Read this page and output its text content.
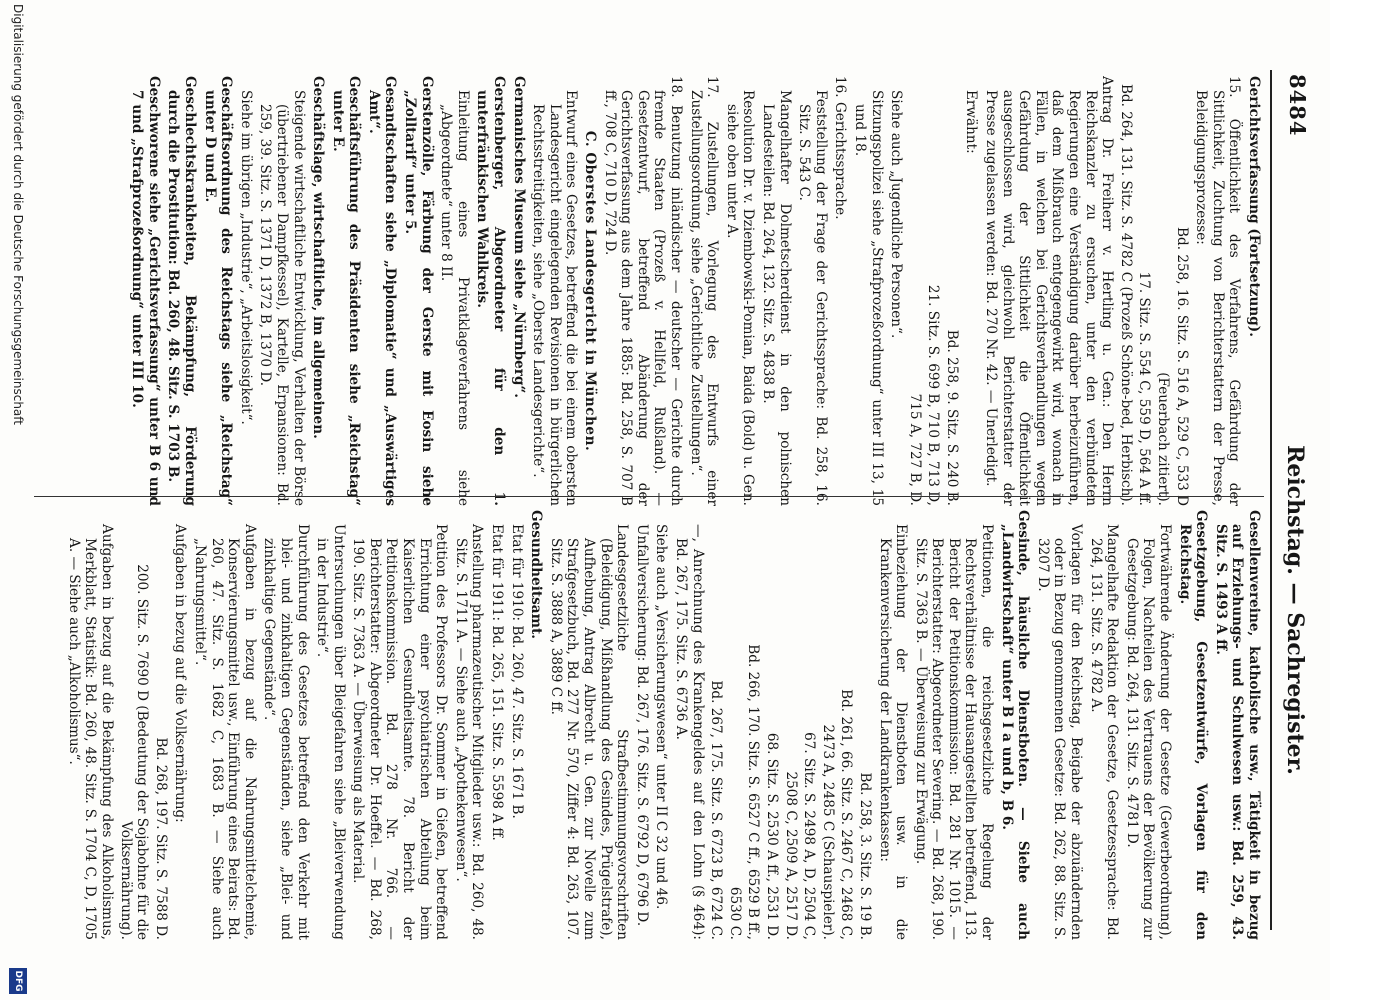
8484
Reichstag. — Sachregister.
Gerichtsverfassung (Fortsetzung).
15. Öffentlichkeit des Verfahrens, Gefährdung der Sittlichkeit, Zuchtung von Berichterstattern der Presse, Beleidigungsprozesse:
Bd. 258, 16. Sitz. S. 516 A, 529 C, 533 D
(Feuerbach zitiert).
17. Sitz. S. 554 C, 559 D, 564 A ff.
Bd. 264, 131. Sitz. S. 4782 C (Prozeß Schöne-bed, Herbisch).
Antrag Dr. Freiherr v. Hertling u. Gen.: Den Herrn Reichskanzler zu ersuchen, unter den verbündeten Regierungen eine Verständigung darüber herbeizuführen, daß dem Mißbrauch entgegengewirkt wird, wonach in Fällen, in welchen bei Gerichtsverhandlungen wegen Gefährdung der Sittlichkeit die Öffentlichkeit ausgeschlossen wird, gleichwohl Berichterstatter der Presse zugelassen werden: Bd. 270 Nr. 42. — Unerledigt.
Erwähnt:
Bd. 258, 9. Sitz. S. 240 B.
21. Sitz. S. 699 B, 710 B, 713 D,
715 A, 727 B, D.
Siehe auch „Jugendliche Personen“.
Sitzungspolizei siehe „Strafprozeßordnung“ unter III 13, 15 und 18.
16. Gerichtssprache.
Feststellung der Frage der Gerichtssprache: Bd. 258, 16. Sitz. S. 543 C.
Mangelhafter Dolmetscherdienst in den polnischen Landesteilen: Bd. 264, 132. Sitz. S. 4838 B.
Resolution Dr. v. Dziembowski-Pomian, Baida (Bold) u. Gen. siehe oben unter A.
17. Zustellungen, Vorlegung des Entwurfs einer Zustellungsordnung, siehe „Gerichtliche Zustellungen“.
18. Benutzung inländischer — deutscher — Gerichte durch fremde Staaten (Prozeß v. Hellfeld, Rußland). — Gesetzentwurf, betreffend Abänderung der Gerichtsverfassung aus dem Jahre 1885: Bd. 258, S. 707 B ff., 708 C, 710 D, 724 D.
C. Oberstes Landesgericht in München.
Entwurf eines Gesetzes, betreffend die bei einem obersten Landesgericht eingelegenden Revisionen in bürgerlichen Rechtsstreitigkeiten, siehe „Oberste Landesgerichte“.
Germanisches Museum siehe „Nürnberg“.
Gerstenberger, Abgeordneter für den 1. unterfränkischen Wahlkreis.
Einleitung eines Privatklageverfahrens siehe „Abgeordnete“ unter 8 II.
Gerstenzölle, Färbung der Gerste mit Eosin siehe „Zolltarif“ unter 5.
Gesandtschaften siehe „Diplomatie“ und „Auswärtiges Amt“.
Geschäftsführung des Präsidenten siehe „Reichstag“ unter E.
Geschäftslage, wirtschaftliche, im allgemeinen.
Steigende wirtschaftliche Entwicklung, Verhalten der Börse (übertriebener Dampfkessel), Kartelle, Erpansionen: Bd. 259, 39. Sitz. S. 1371 D, 1372 B, 1370 D.
Siehe im übrigen „Industrie“, „Arbeitslosigkeit“.
Geschäftsordnung des Reichstags siehe „Reichstag“ unter D und E.
Geschlechtskrankheiten, Bekämpfung, Förderung durch die Prostitution: Bd. 260, 48. Sitz. S. 1703 B.
Geschworene siehe „Gerichtsverfassung“ unter B 6 und 7 und „Strafprozeßordnung“ unter III 10.
Gesellenvereine, katholische usw., Tätigkeit in bezug auf Erziehungs- und Schulwesen usw.: Bd. 259, 43. Sitz. S. 1493 A ff.
Gesetzgebung, Gesetzentwürfe, Vorlagen für den Reichstag.
Fortwährende Änderung der Gesetze (Gewerbeordnung), Folgen, Nachteilen des Vertrauens der Bevölkerung zur Gesetzgebung: Bd. 264, 131. Sitz. S. 4781 D.
Mangelhafte Redaktion der Gesetze, Gesetzessprache: Bd. 264, 131. Sitz. S. 4782 A.
Vorlagen für den Reichstag, Beigabe der abzuändernden oder in Bezug genommenen Gesetze: Bd. 262, 88. Sitz. S. 3207 D.
Gesinde, häusliche Dienstboten. — Siehe auch „Landwirtschaft“ unter B I a und b, B 6.
Petitionen, die reichsgesetzliche Regelung der Rechtsverhältnisse der Hausangestellten betreffend, 113. Bericht der Petitionskommission: Bd. 281 Nr. 1015. — Berichterstatter: Abgeordneter Severing. — Bd. 268, 190. Sitz. S. 7363 B. — Überweisung zur Erwägung.
Einbeziehung der Dienstboten usw. in die Krankenversicherung der Landkrankenkassen:
Bd. 258, 3. Sitz. S. 19 B.
Bd. 261, 66. Sitz. S. 2467 C, 2468 C,
2473 A, 2485 C (Schauspieler).
67. Sitz. S. 2498 A, D, 2504 C,
2508 C, 2509 A, 2517 D.
68. Sitz. S. 2530 A ff., 2531 D.
Bd. 266, 170. Sitz. S. 6527 C ff., 6529 B ff.,
6530 C.
Bd. 267, 175. Sitz. S. 6723 B, 6724 C.
—, Anrechnung des Krankengeldes auf den Lohn (§ 464): Bd. 267, 175. Sitz. S. 6736 A.
Siehe auch „Versicherungswesen“ unter II C 32 und 46.
Unfallversicherung: Bd. 267, 176. Sitz. S. 6792 D, 6796 D.
Landesgesetzliche Strafbestimmungsvorschriften (Beleidigung, Mißhandlung des Gesindes, Prügelstrafe), Aufhebung, Antrag Albrecht u. Gen. zur Novelle zum Strafgesetzbuch, Bd. 277 Nr. 570, Ziffer 4: Bd. 263, 107. Sitz. S. 3888 A, 3889 C ff.
Gesundheitsamt.
Etat für 1910: Bd. 260, 47. Sitz. S. 1671 B.
Etat für 1911: Bd. 265, 151. Sitz. S. 5598 A ff.
Anstellung pharmazeutischer Mitglieder usw.: Bd. 260, 48. Sitz. S. 1711 A. — Siehe auch „Apothekenwesen“.
Petition des Professors Dr. Sommer in Gießen, betreffend Errichtung einer psychiatrischen Abteilung beim Kaiserlichen Gesundheitsamte. 78. Bericht der Petitionskommission. Bd. 278 Nr. 766. — Berichterstatter: Abgeordneter Dr. Hoeffel. — Bd. 268, 190. Sitz. S. 7363 A. — Überweisung als Material.
Untersuchungen über Bleigefahren siehe „Bleiverwendung in der Industrie“.
Durchführung des Gesetzes betreffend den Verkehr mit blei- und zinkhaltigen Gegenständen, siehe „Blei- und zinkhaltige Gegenstände“.
Aufgaben in bezug auf die Nahrungsmittelchemie, Konservierungsmittel usw., Einführung eines Beirats: Bd. 260, 47. Sitz. S. 1682 C, 1683 B. — Siehe auch „Nahrungsmittel“.
Aufgaben in bezug auf die Volksernährung:
Bd. 268, 197. Sitz. S. 7588 D.
200. Sitz. S. 7690 D (Bedeutung der Sojabohne für die Volksernährung).
Aufgaben in bezug auf die Bekämpfung des Alkoholismus, Merkblatt, Statistik: Bd. 260, 48. Sitz. S. 1704 C, D, 1705 A. — Siehe auch „Alkoholismus“.
Digitalisierung gefördert durch die Deutsche Forschungsgemeinschaft
DFG
